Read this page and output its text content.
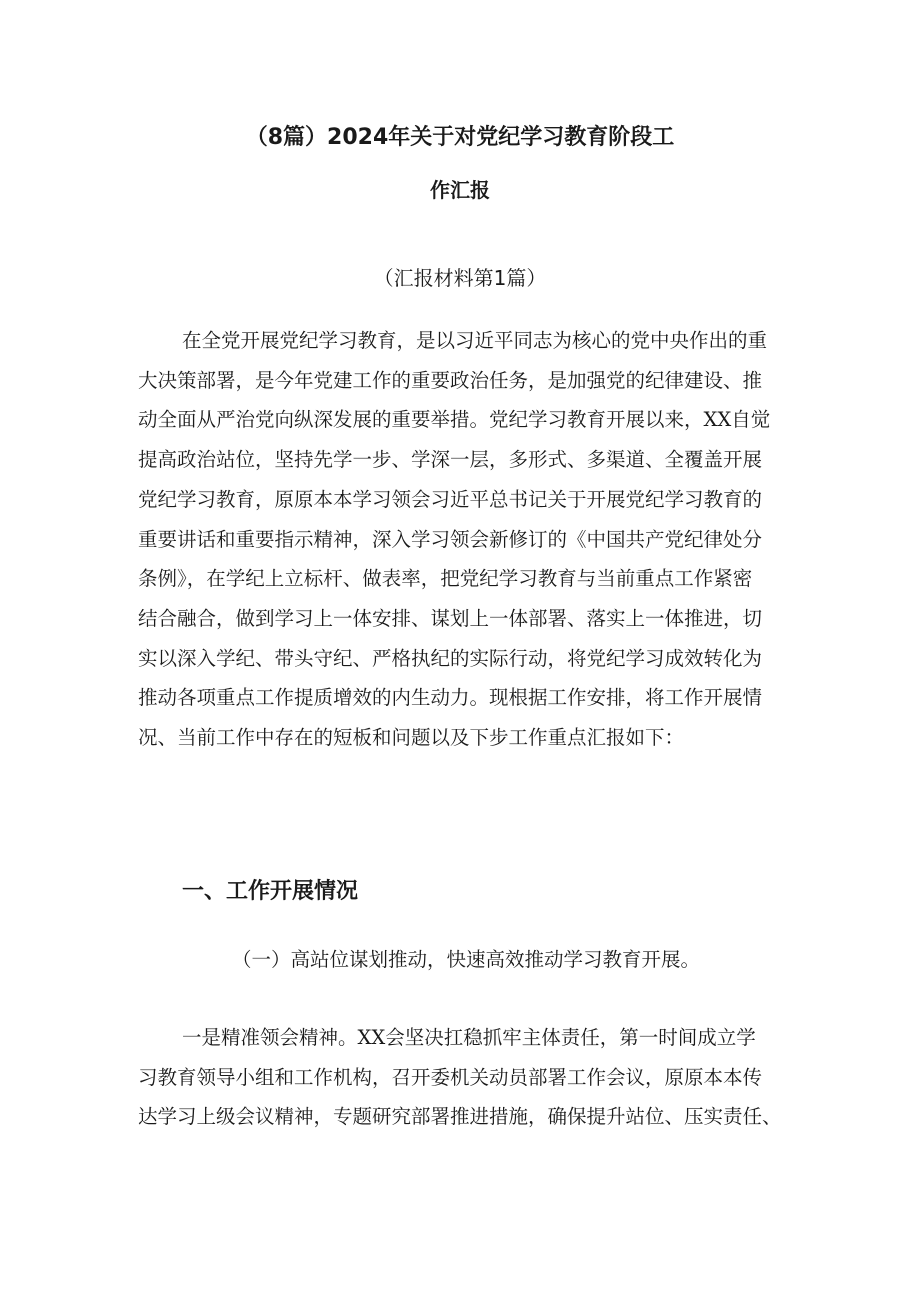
（8篇）2024年关于对党纪学习教育阶段工
作汇报

（汇报材料第1篇）

在全党开展党纪学习教育，是以习近平同志为核心的党中央作出的重
大决策部署，是今年党建工作的重要政治任务，是加强党的纪律建设、推
动全面从严治党向纵深发展的重要举措。党纪学习教育开展以来，XX自觉
提高政治站位，坚持先学一步、学深一层，多形式、多渠道、全覆盖开展
党纪学习教育，原原本本学习领会习近平总书记关于开展党纪学习教育的
重要讲话和重要指示精神，深入学习领会新修订的《中国共产党纪律处分
条例》，在学纪上立标杆、做表率，把党纪学习教育与当前重点工作紧密
结合融合，做到学习上一体安排、谋划上一体部署、落实上一体推进，切
实以深入学纪、带头守纪、严格执纪的实际行动，将党纪学习成效转化为
推动各项重点工作提质增效的内生动力。现根据工作安排，将工作开展情
况、当前工作中存在的短板和问题以及下步工作重点汇报如下：
一、工作开展情况

（一）高站位谋划推动，快速高效推动学习教育开展。

一是精准领会精神。XX会坚决扛稳抓牢主体责任，第一时间成立学
习教育领导小组和工作机构，召开委机关动员部署工作会议，原原本本传
达学习上级会议精神，专题研究部署推进措施，确保提升站位、压实责任、
